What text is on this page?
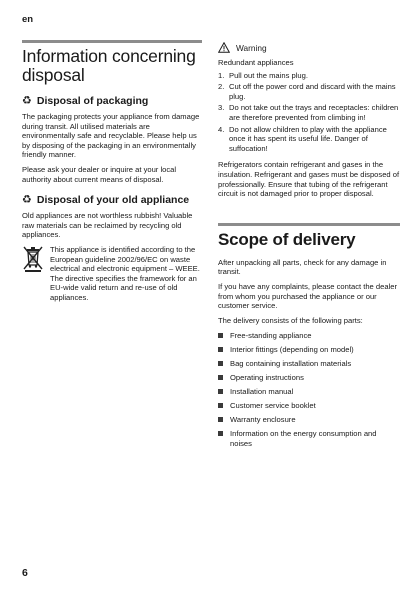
en
Information concerning disposal
♻ Disposal of packaging

The packaging protects your appliance from damage during transit. All utilised materials are environmentally safe and recyclable. Please help us by disposing of the packaging in an environmentally friendly manner.

Please ask your dealer or inquire at your local authority about current means of disposal.

♻ Disposal of your old appliance

Old appliances are not worthless rubbish! Valuable raw materials can be reclaimed by recycling old appliances.

This appliance is identified according to the European guideline 2002/96/EC on waste electrical and electronic equipment – WEEE. The directive specifies the framework for an EU-wide valid return and re-use of old appliances.

Warning

Redundant appliances

1. Pull out the mains plug.
2. Cut off the power cord and discard with the mains plug.
3. Do not take out the trays and receptacles: children are therefore prevented from climbing in!
4. Do not allow children to play with the appliance once it has spent its useful life. Danger of suffocation!

Refrigerators contain refrigerant and gases in the insulation. Refrigerant and gases must be disposed of professionally. Ensure that tubing of the refrigerant circuit is not damaged prior to proper disposal.

Scope of delivery

After unpacking all parts, check for any damage in transit.

If you have any complaints, please contact the dealer from whom you purchased the appliance or our customer service.

The delivery consists of the following parts:

Free-standing appliance
Interior fittings (depending on model)
Bag containing installation materials
Operating instructions
Installation manual
Customer service booklet
Warranty enclosure
Information on the energy consumption and noises
6
